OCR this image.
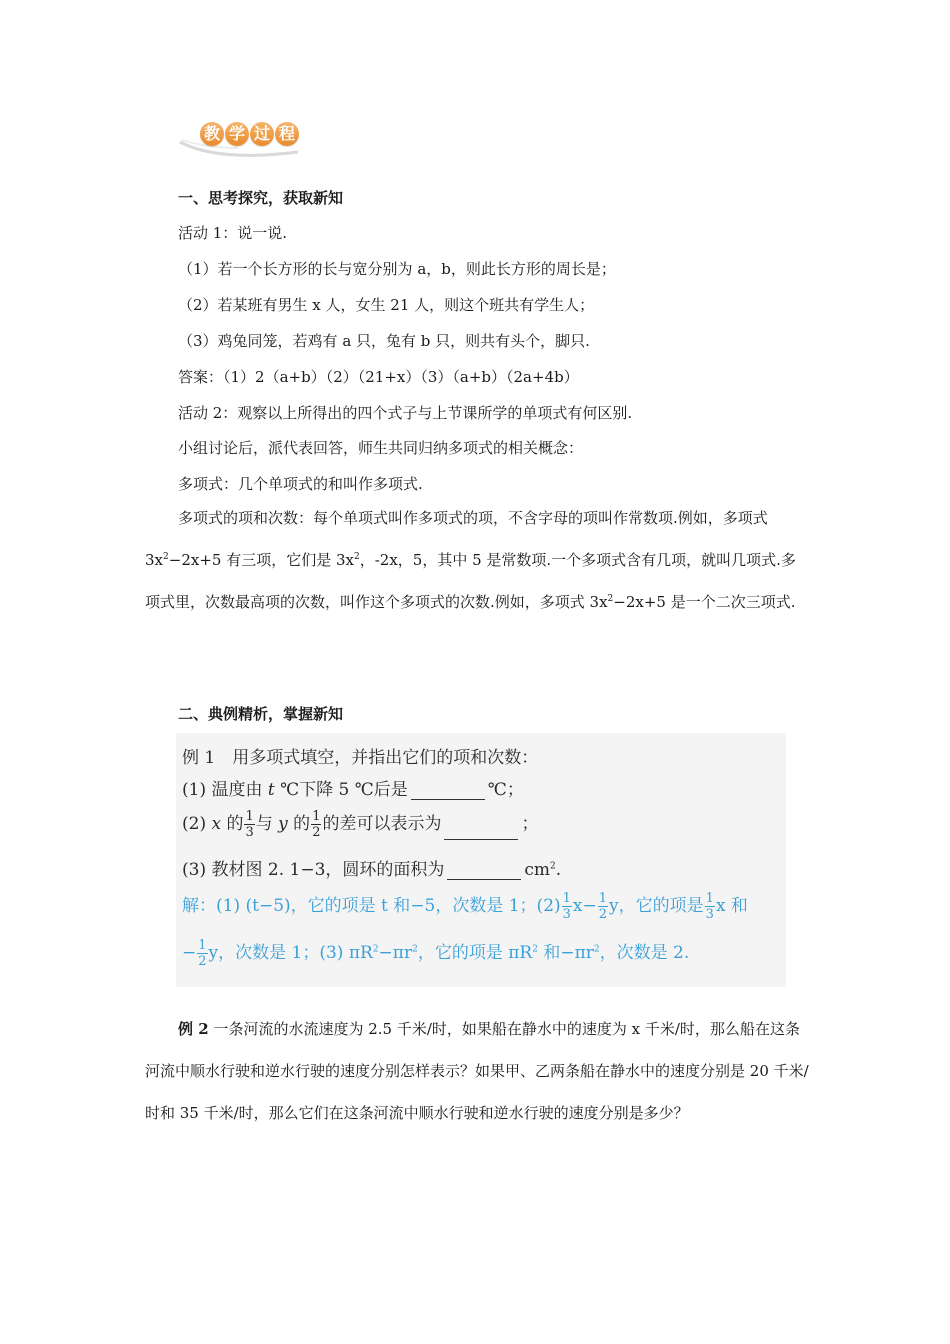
教 学 过 程
一、思考探究，获取新知
活动 1：说一说.
（1）若一个长方形的长与宽分别为 a，b，则此长方形的周长是；
（2）若某班有男生 x 人，女生 21 人，则这个班共有学生人；
（3）鸡兔同笼，若鸡有 a 只，兔有 b 只，则共有头个，脚只.
答案：（1）2（a+b）（2）（21+x）（3）（a+b）（2a+4b）
活动 2：观察以上所得出的四个式子与上节课所学的单项式有何区别.
小组讨论后，派代表回答，师生共同归纳多项式的相关概念：
多项式：几个单项式的和叫作多项式.
多项式的项和次数：每个单项式叫作多项式的项，不含字母的项叫作常数项.例如，多项式 $3x^2-2x+5$ 有三项，它们是 $3x^2$，-2x，5，其中 5 是常数项.一个多项式含有几项，就叫几项式.多项式里，次数最高项的次数，叫作这个多项式的次数.例如，多项式 $3x^2-2x+5$ 是一个二次三项式.
二、典例精析，掌握新知
例 1　用多项式填空，并指出它们的项和次数：
(1) 温度由 t ℃下降 5 ℃后是	℃；
(2) x 的 $\frac{1}{3}$ 与 y 的 $\frac{1}{2}$ 的差可以表示为	；
(3) 教材图 2. 1−3，圆环的面积为	$cm^2$.
解：(1) (t−5)，它的项是 t 和−5，次数是 1；$(2) \frac{1}{3} x- \frac{1}{2}$ y，它的项是 $\frac{1}{3}$ x 和
− $\frac{1}{2}$ y，次数是 1；(3) $\pi R^2-\pi r^2$，它的项是 $\pi R^2$ 和$-\pi r^2$，次数是 2.
例 2 一条河流的水流速度为 2.5 千米/时，如果船在静水中的速度为 x 千米/时，那么船在这条河流中顺水行驶和逆水行驶的速度分别怎样表示？如果甲、乙两条船在静水中的速度分别是 20 千米/时和 35 千米/时，那么它们在这条河流中顺水行驶和逆水行驶的速度分别是多少？
